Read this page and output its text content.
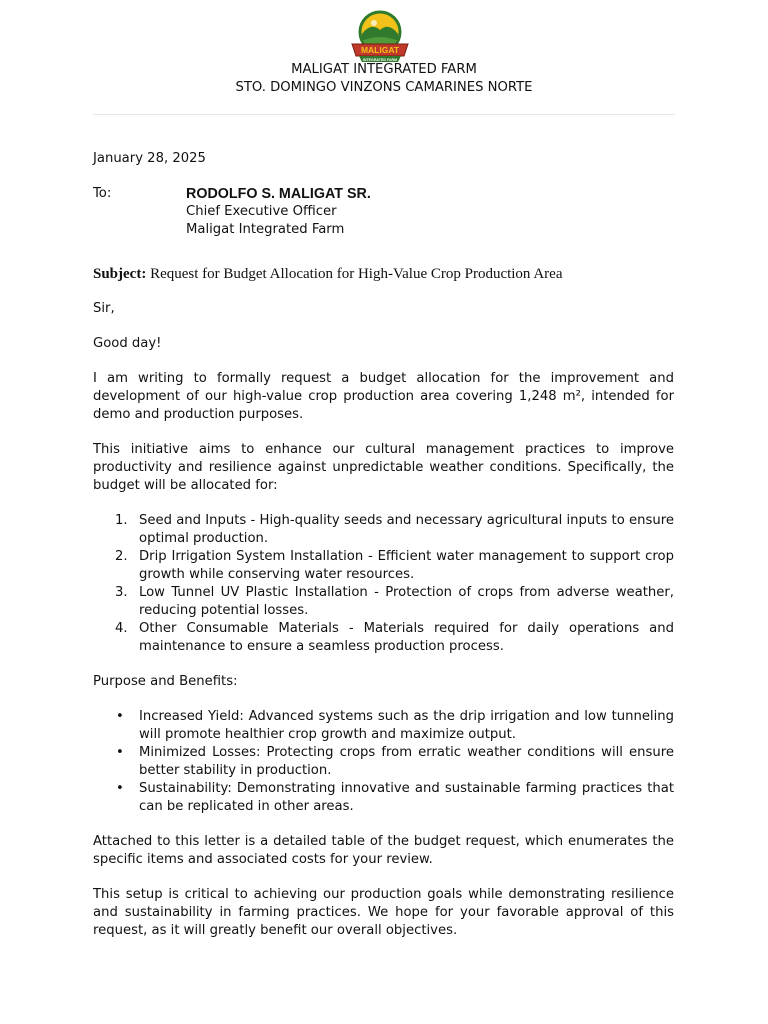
MALIGAT
INTEGRATED FARM
MALIGAT INTEGRATED FARM
STO. DOMINGO VINZONS CAMARINES NORTE
January 28, 2025
To:	RODOLFO S. MALIGAT SR.
Chief Executive Officer
Maligat Integrated Farm
Subject: Request for Budget Allocation for High-Value Crop Production Area

Sir,

Good day!

I am writing to formally request a budget allocation for the improvement and development of our high-value crop production area covering 1,248 m², intended for demo and production purposes.

This initiative aims to enhance our cultural management practices to improve productivity and resilience against unpredictable weather conditions. Specifically, the budget will be allocated for:

1. Seed and Inputs - High-quality seeds and necessary agricultural inputs to ensure optimal production.
2. Drip Irrigation System Installation - Efficient water management to support crop growth while conserving water resources.
3. Low Tunnel UV Plastic Installation - Protection of crops from adverse weather, reducing potential losses.
4. Other Consumable Materials - Materials required for daily operations and maintenance to ensure a seamless production process.

Purpose and Benefits:

• Increased Yield: Advanced systems such as the drip irrigation and low tunneling will promote healthier crop growth and maximize output.
• Minimized Losses: Protecting crops from erratic weather conditions will ensure better stability in production.
• Sustainability: Demonstrating innovative and sustainable farming practices that can be replicated in other areas.

Attached to this letter is a detailed table of the budget request, which enumerates the specific items and associated costs for your review.

This setup is critical to achieving our production goals while demonstrating resilience and sustainability in farming practices. We hope for your favorable approval of this request, as it will greatly benefit our overall objectives.
